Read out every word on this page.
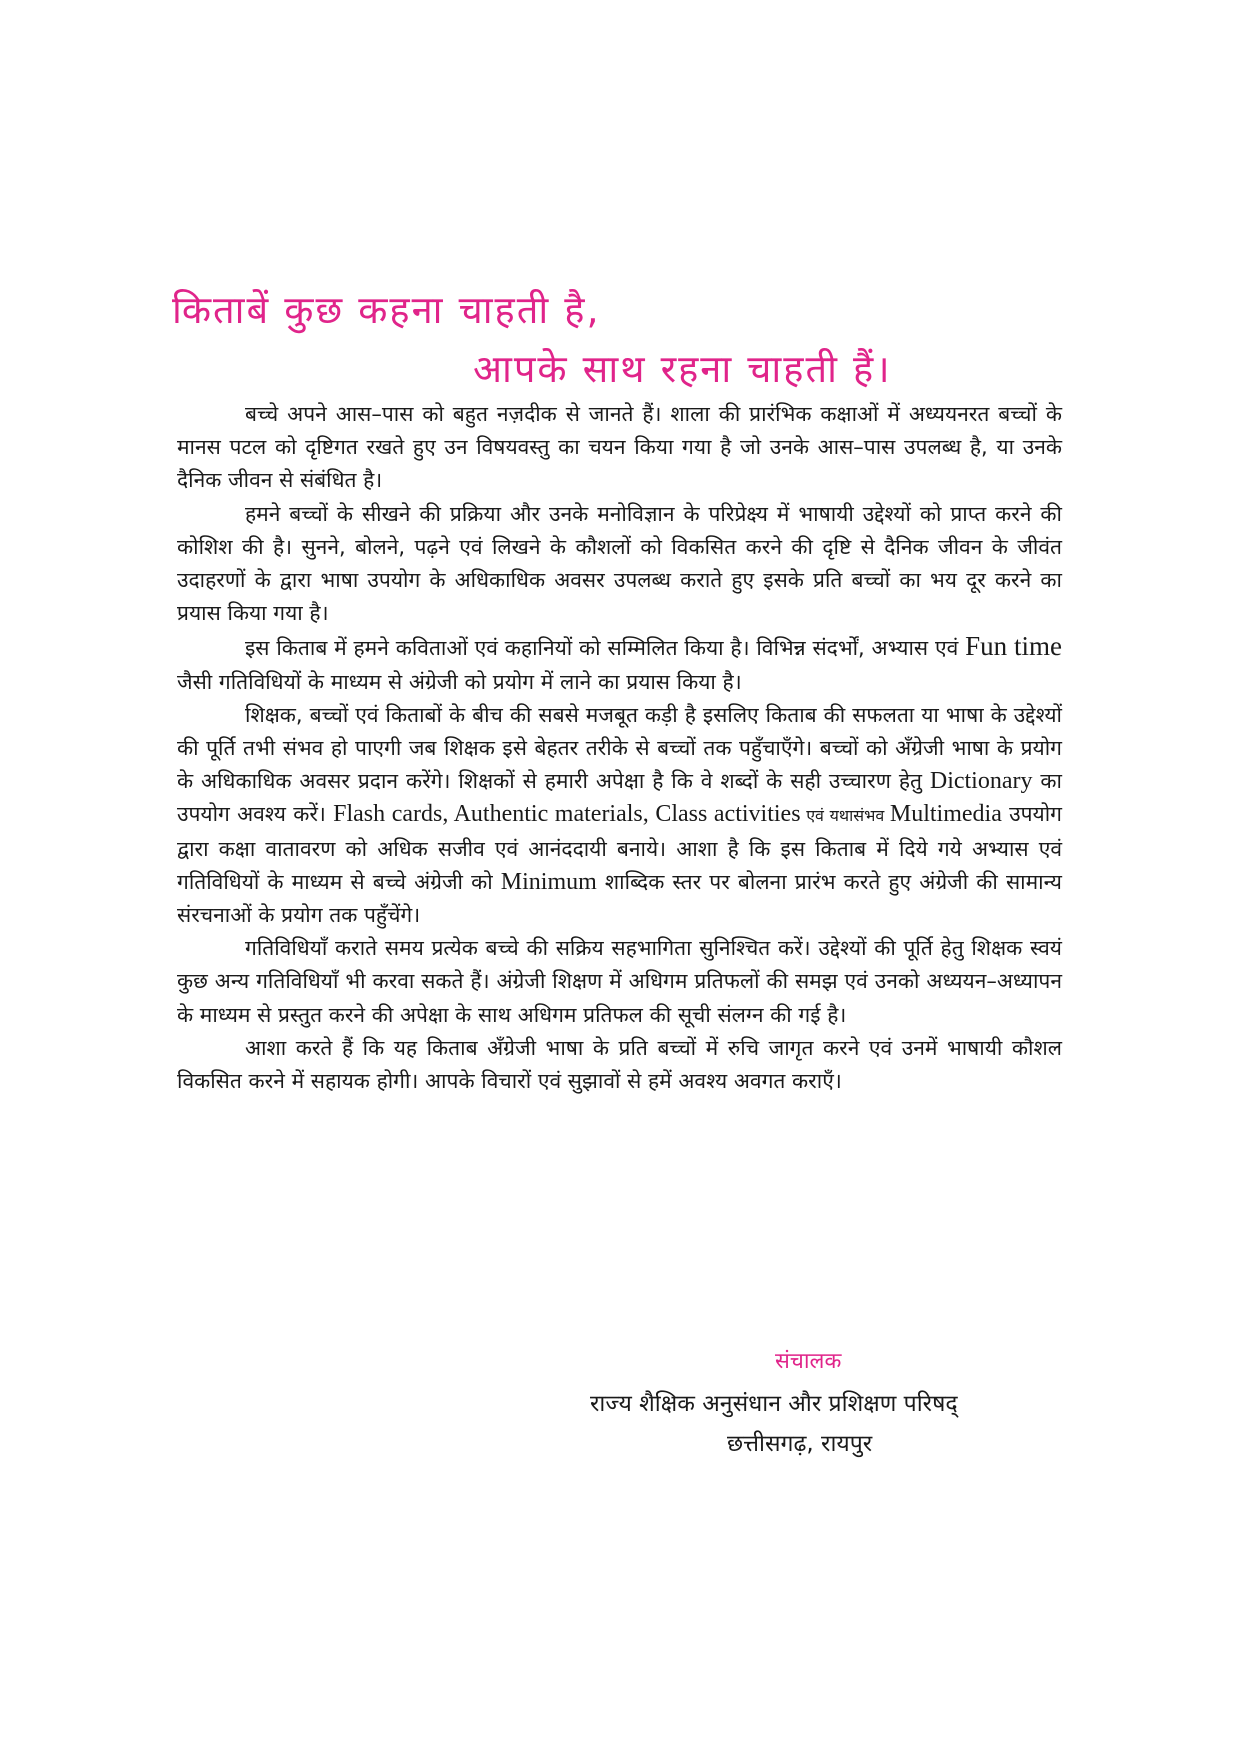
किताबें कुछ कहना चाहती है,
आपके साथ रहना चाहती हैं।

बच्चे अपने आस–पास को बहुत नज़दीक से जानते हैं। शाला की प्रारंभिक कक्षाओं में अध्ययनरत बच्चों के मानस पटल को दृष्टिगत रखते हुए उन विषयवस्तु का चयन किया गया है जो उनके आस–पास उपलब्ध है, या उनके दैनिक जीवन से संबंधित है।

हमने बच्चों के सीखने की प्रक्रिया और उनके मनोविज्ञान के परिप्रेक्ष्य में भाषायी उद्देश्यों को प्राप्त करने की कोशिश की है। सुनने, बोलने, पढ़ने एवं लिखने के कौशलों को विकसित करने की दृष्टि से दैनिक जीवन के जीवंत उदाहरणों के द्वारा भाषा उपयोग के अधिकाधिक अवसर उपलब्ध कराते हुए इसके प्रति बच्चों का भय दूर करने का प्रयास किया गया है।

इस किताब में हमने कविताओं एवं कहानियों को सम्मिलित किया है। विभिन्न संदर्भों, अभ्यास एवं Fun time जैसी गतिविधियों के माध्यम से अंग्रेजी को प्रयोग में लाने का प्रयास किया है।

शिक्षक, बच्चों एवं किताबों के बीच की सबसे मजबूत कड़ी है इसलिए किताब की सफलता या भाषा के उद्देश्यों की पूर्ति तभी संभव हो पाएगी जब शिक्षक इसे बेहतर तरीके से बच्चों तक पहुँचाएँगे। बच्चों को अँग्रेजी भाषा के प्रयोग के अधिकाधिक अवसर प्रदान करेंगे। शिक्षकों से हमारी अपेक्षा है कि वे शब्दों के सही उच्चारण हेतु Dictionary का उपयोग अवश्य करें। Flash cards, Authentic materials, Class activities एवं यथासंभव Multimedia उपयोग द्वारा कक्षा वातावरण को अधिक सजीव एवं आनंददायी बनाये। आशा है कि इस किताब में दिये गये अभ्यास एवं गतिविधियों के माध्यम से बच्चे अंग्रेजी को Minimum शाब्दिक स्तर पर बोलना प्रारंभ करते हुए अंग्रेजी की सामान्य संरचनाओं के प्रयोग तक पहुँचेंगे।

गतिविधियाँ कराते समय प्रत्येक बच्चे की सक्रिय सहभागिता सुनिश्चित करें। उद्देश्यों की पूर्ति हेतु शिक्षक स्वयं कुछ अन्य गतिविधियाँ भी करवा सकते हैं। अंग्रेजी शिक्षण में अधिगम प्रतिफलों की समझ एवं उनको अध्ययन–अध्यापन के माध्यम से प्रस्तुत करने की अपेक्षा के साथ अधिगम प्रतिफल की सूची संलग्न की गई है।

आशा करते हैं कि यह किताब अँग्रेजी भाषा के प्रति बच्चों में रुचि जागृत करने एवं उनमें भाषायी कौशल विकसित करने में सहायक होगी। आपके विचारों एवं सुझावों से हमें अवश्य अवगत कराएँ।

संचालक
राज्य शैक्षिक अनुसंधान और प्रशिक्षण परिषद्
छत्तीसगढ़, रायपुर
